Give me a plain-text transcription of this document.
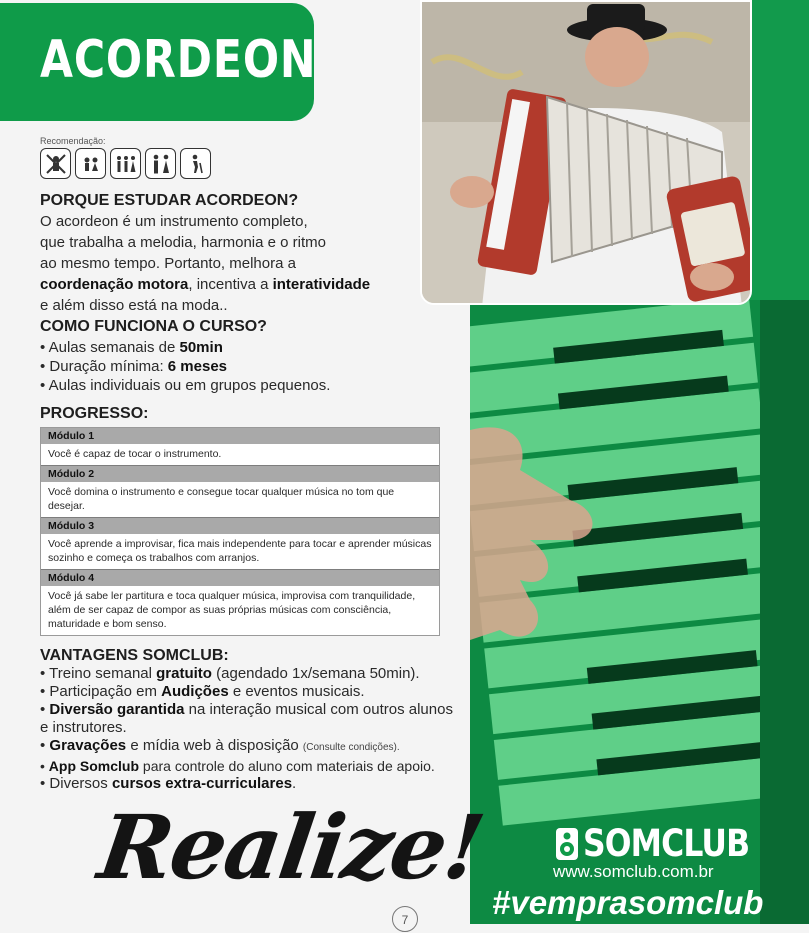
ACORDEON
Recomendação:
PORQUE ESTUDAR ACORDEON?
O acordeon é um instrumento completo,
que trabalha a melodia, harmonia e o ritmo
ao mesmo tempo. Portanto, melhora a
coordenação motora, incentiva a interatividade
e além disso está na moda..
COMO FUNCIONA O CURSO?
• Aulas semanais de 50min
• Duração mínima: 6 meses
• Aulas individuais ou em grupos pequenos.
PROGRESSO:
Módulo 1
Você é capaz de tocar o instrumento.
Módulo 2
Você domina o instrumento e consegue tocar qualquer música no tom que desejar.
Módulo 3
Você aprende a improvisar, fica mais independente para tocar e aprender músicas sozinho e começa os trabalhos com arranjos.
Módulo 4
Você já sabe ler partitura e toca qualquer música, improvisa com tranquilidade, além de ser capaz de compor as suas próprias músicas com consciência, maturidade e bom senso.
VANTAGENS SOMCLUB:
• Treino semanal gratuito (agendado 1x/semana 50min).
• Participação em Audições e eventos musicais.
• Diversão garantida na interação musical com outros alunos e instrutores.
• Gravações e mídia web à disposição (Consulte condições).
• App Somclub para controle do aluno com materiais de apoio.
• Diversos cursos extra-curriculares.
Realize!
7
SOMCLUB
www.somclub.com.br
#vemprasomclub
